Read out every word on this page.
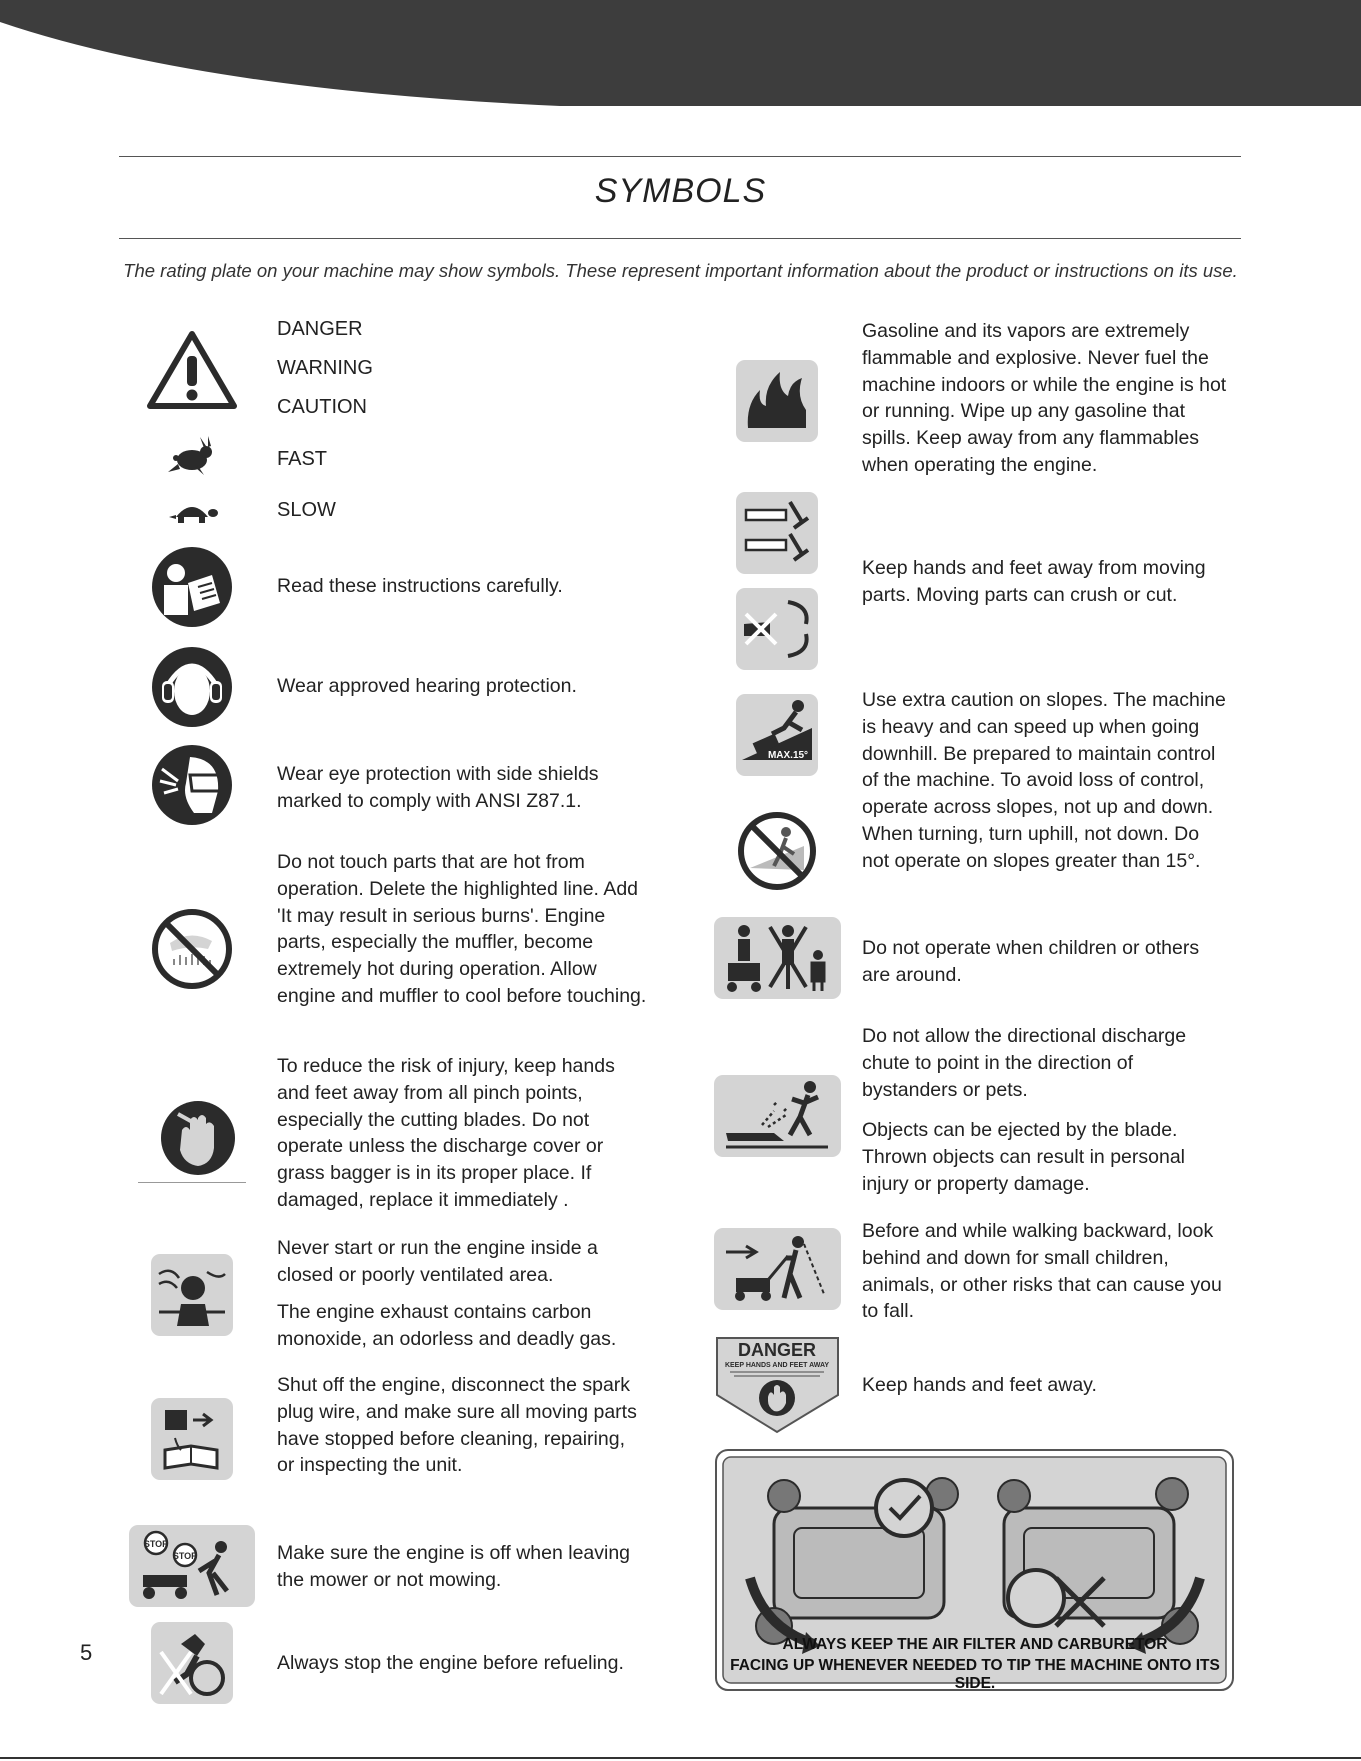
SYMBOLS
The rating plate on your machine may show symbols. These represent important information about the product or instructions on its use.
DANGER
WARNING
CAUTION
FAST
SLOW
Read these instructions carefully.
Wear approved hearing protection.
Wear eye protection with side shields marked to comply with ANSI Z87.1.
Do not touch parts that are hot from operation. Delete the highlighted line. Add 'It may result in serious burns'. Engine parts, especially the muffler, become extremely hot during operation. Allow engine and muffler to cool before touching.
To reduce the risk of injury, keep hands and feet away from all pinch points, especially the cutting blades. Do not operate unless the discharge cover or grass bagger is in its proper place. If damaged, replace it immediately .
Never start or run the engine inside a closed or poorly ventilated area.
The engine exhaust contains carbon monoxide, an odorless and deadly gas.
Shut off the engine, disconnect the spark plug wire, and make sure all moving parts have stopped before cleaning, repairing, or inspecting the unit.
STOP
STOP	Make sure the engine is off when leaving the mower or not mowing.
Always stop the engine before refueling.
Gasoline and its vapors are extremely flammable and explosive. Never fuel the machine indoors or while the engine is hot or running. Wipe up any gasoline that spills. Keep away from any flammables when operating the engine.
Keep hands and feet away from moving parts. Moving parts can crush or cut.
MAX.15°
Use extra caution on slopes. The machine is heavy and can speed up when going downhill. Be prepared to maintain control of the machine. To avoid loss of control, operate across slopes, not up and down. When turning, turn uphill, not down. Do not operate on slopes greater than 15°.
Do not operate when children or others are around.
Do not allow the directional discharge chute to point in the direction of bystanders or pets.
Objects can be ejected by the blade. Thrown objects can result in personal injury or property damage.
Before and while walking backward, look behind and down for small children, animals, or other risks that can cause you to fall.
DANGER
KEEP HANDS AND FEET AWAY
Keep hands and feet away.
ALWAYS KEEP THE AIR FILTER AND CARBURETOR
FACING UP WHENEVER NEEDED TO TIP THE MACHINE ONTO ITS SIDE.
5
